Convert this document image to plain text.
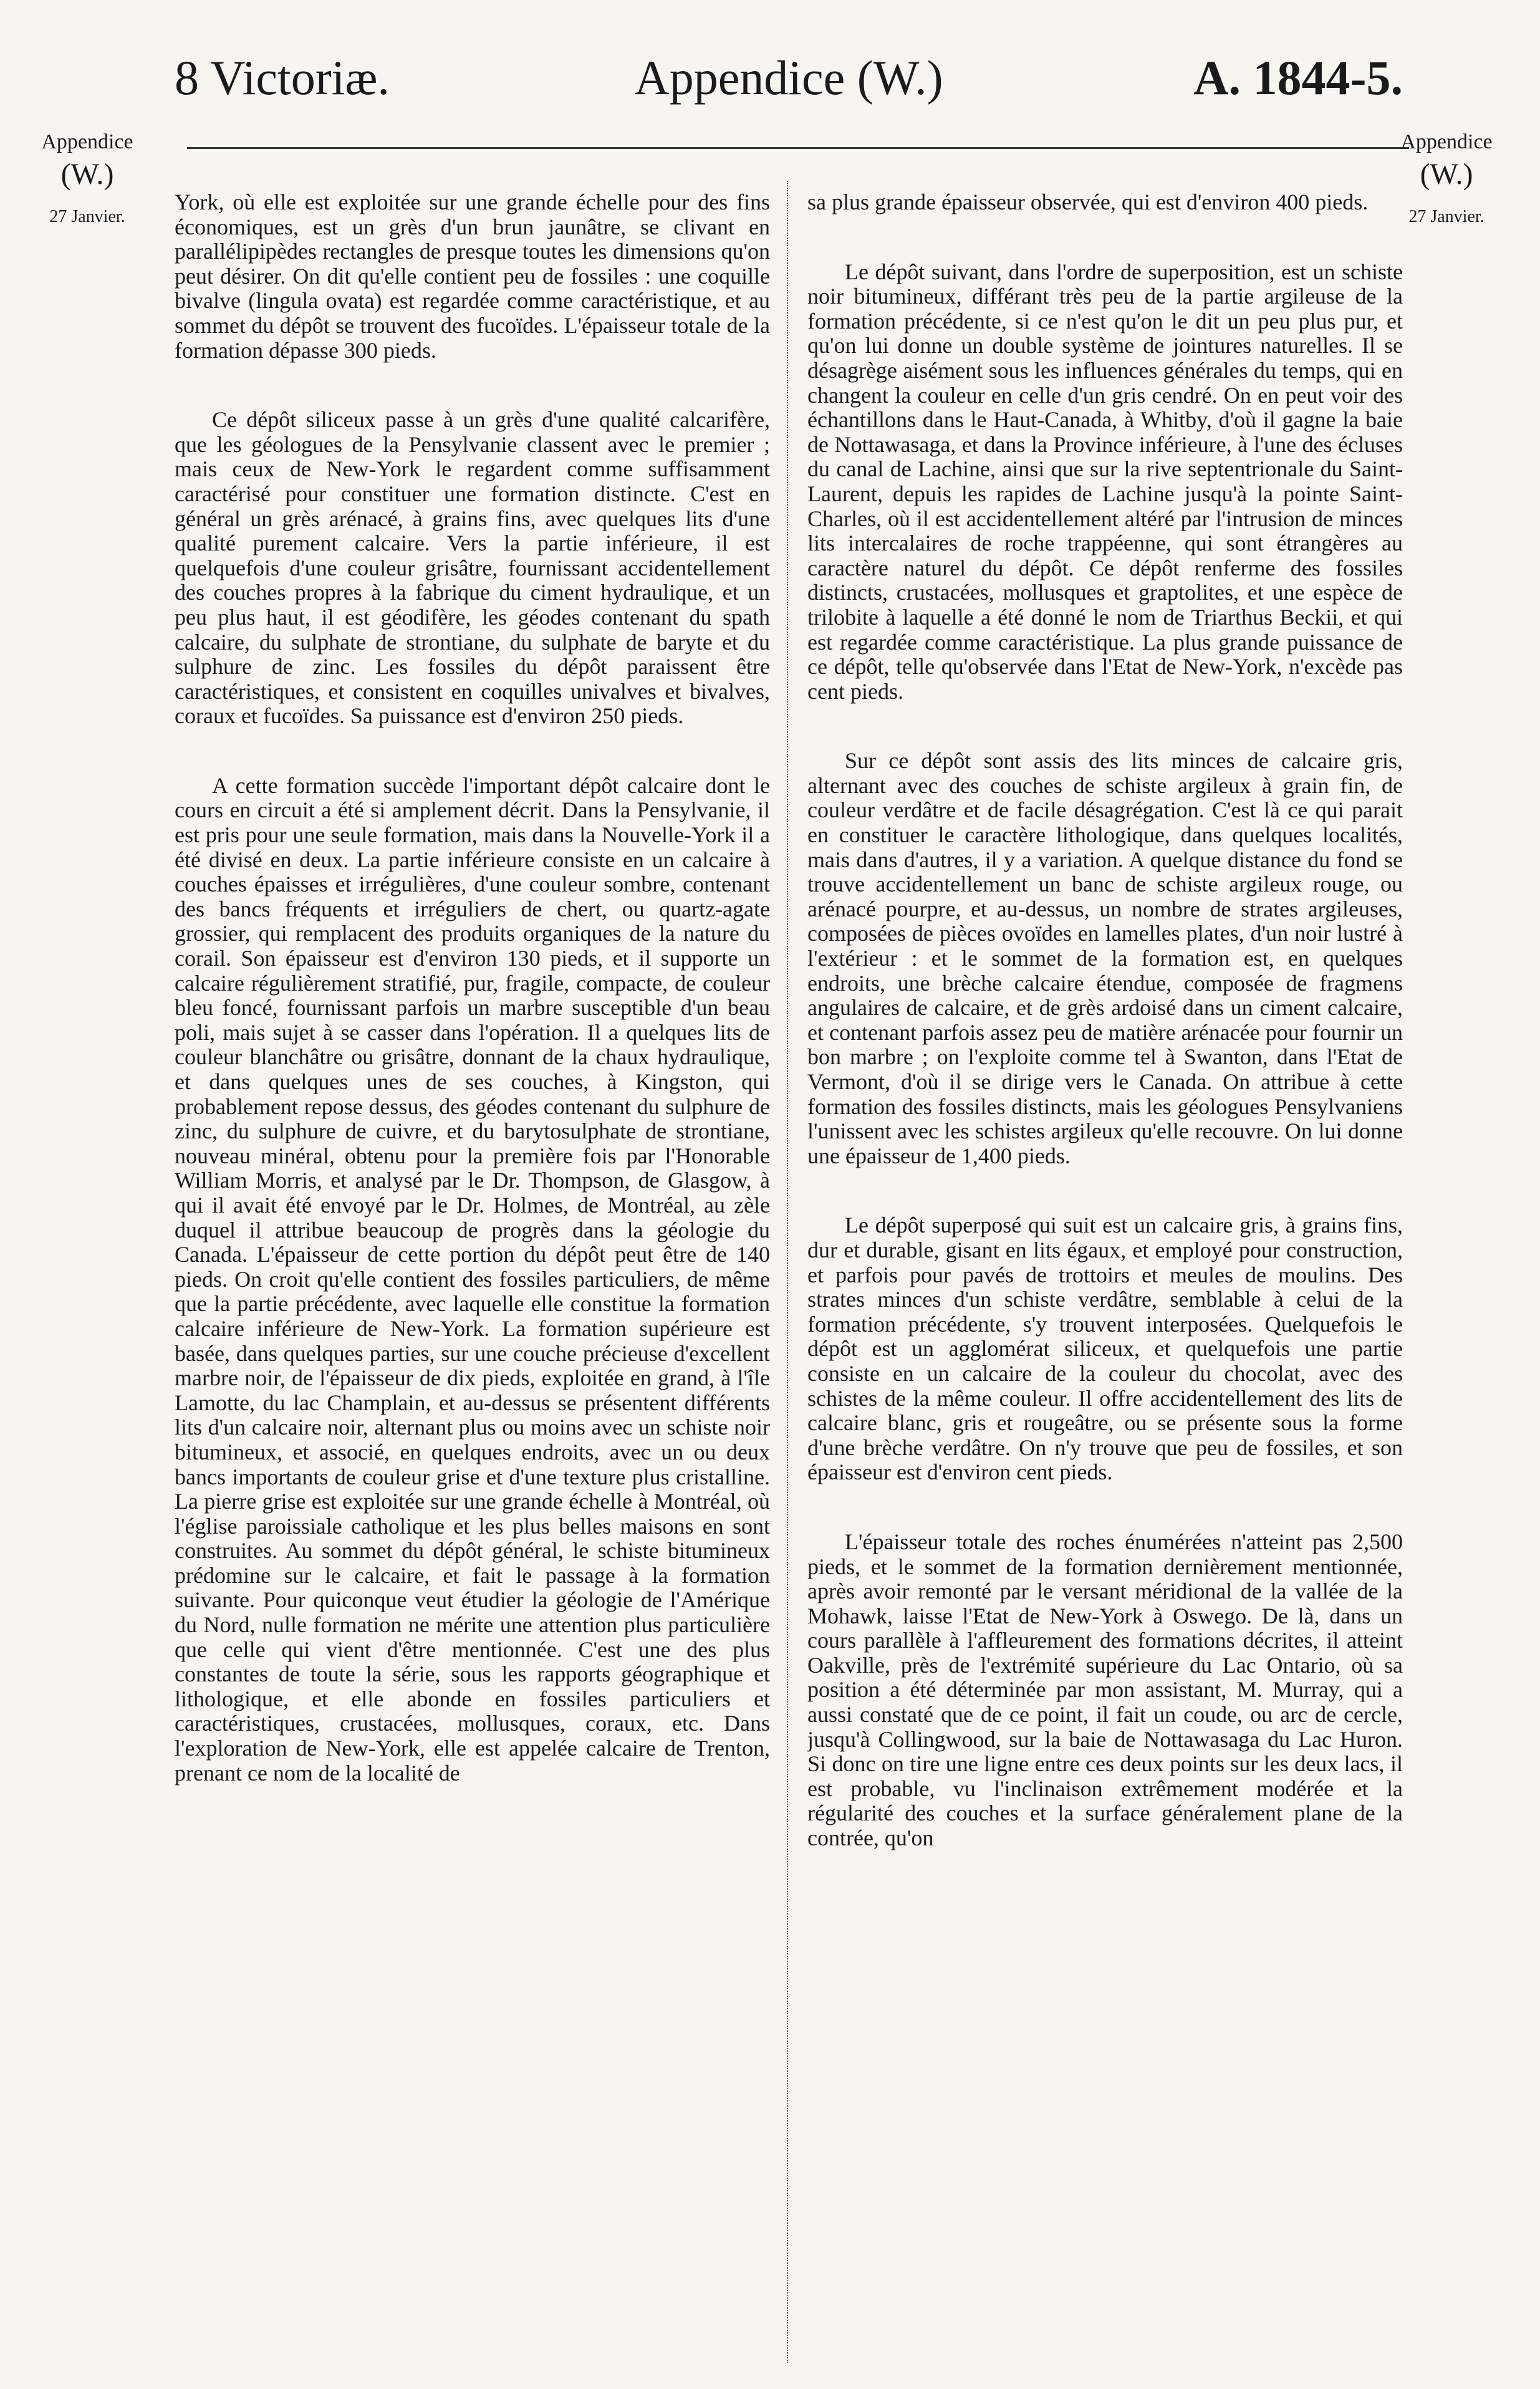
8 Victoriæ.	Appendice (W.)	A. 1844-5.
Appendice
(W.)
27 Janvier.
Appendice
(W.)
27 Janvier.

York, où elle est exploitée sur une grande échelle pour des fins économiques, est un grès d'un brun jaunâtre, se clivant en parallélipipèdes rectangles de presque toutes les dimensions qu'on peut désirer. On dit qu'elle contient peu de fossiles : une coquille bivalve (lingula ovata) est regardée comme caractéristique, et au sommet du dépôt se trouvent des fucoïdes. L'épaisseur totale de la formation dépasse 300 pieds.

Ce dépôt siliceux passe à un grès d'une qualité calcarifère, que les géologues de la Pensylvanie classent avec le premier ; mais ceux de New-York le regardent comme suffisamment caractérisé pour constituer une formation distincte. C'est en général un grès arénacé, à grains fins, avec quelques lits d'une qualité purement calcaire. Vers la partie inférieure, il est quelquefois d'une couleur grisâtre, fournissant accidentellement des couches propres à la fabrique du ciment hydraulique, et un peu plus haut, il est géodifère, les géodes contenant du spath calcaire, du sulphate de strontiane, du sulphate de baryte et du sulphure de zinc. Les fossiles du dépôt paraissent être caractéristiques, et consistent en coquilles univalves et bivalves, coraux et fucoïdes. Sa puissance est d'environ 250 pieds.

A cette formation succède l'important dépôt calcaire dont le cours en circuit a été si amplement décrit. Dans la Pensylvanie, il est pris pour une seule formation, mais dans la Nouvelle-York il a été divisé en deux. La partie inférieure consiste en un calcaire à couches épaisses et irrégulières, d'une couleur sombre, contenant des bancs fréquents et irréguliers de chert, ou quartz-agate grossier, qui remplacent des produits organiques de la nature du corail. Son épaisseur est d'environ 130 pieds, et il supporte un calcaire régulièrement stratifié, pur, fragile, compacte, de couleur bleu foncé, fournissant parfois un marbre susceptible d'un beau poli, mais sujet à se casser dans l'opération. Il a quelques lits de couleur blanchâtre ou grisâtre, donnant de la chaux hydraulique, et dans quelques unes de ses couches, à Kingston, qui probablement repose dessus, des géodes contenant du sulphure de zinc, du sulphure de cuivre, et du barytosulphate de strontiane, nouveau minéral, obtenu pour la première fois par l'Honorable William Morris, et analysé par le Dr. Thompson, de Glasgow, à qui il avait été envoyé par le Dr. Holmes, de Montréal, au zèle duquel il attribue beaucoup de progrès dans la géologie du Canada. L'épaisseur de cette portion du dépôt peut être de 140 pieds. On croit qu'elle contient des fossiles particuliers, de même que la partie précédente, avec laquelle elle constitue la formation calcaire inférieure de New-York. La formation supérieure est basée, dans quelques parties, sur une couche précieuse d'excellent marbre noir, de l'épaisseur de dix pieds, exploitée en grand, à l'île Lamotte, du lac Champlain, et au-dessus se présentent différents lits d'un calcaire noir, alternant plus ou moins avec un schiste noir bitumineux, et associé, en quelques endroits, avec un ou deux bancs importants de couleur grise et d'une texture plus cristalline. La pierre grise est exploitée sur une grande échelle à Montréal, où l'église paroissiale catholique et les plus belles maisons en sont construites. Au sommet du dépôt général, le schiste bitumineux prédomine sur le calcaire, et fait le passage à la formation suivante. Pour quiconque veut étudier la géologie de l'Amérique du Nord, nulle formation ne mérite une attention plus particulière que celle qui vient d'être mentionnée. C'est une des plus constantes de toute la série, sous les rapports géographique et lithologique, et elle abonde en fossiles particuliers et caractéristiques, crustacées, mollusques, coraux, etc. Dans l'exploration de New-York, elle est appelée calcaire de Trenton, prenant ce nom de la localité de

sa plus grande épaisseur observée, qui est d'environ 400 pieds.

Le dépôt suivant, dans l'ordre de superposition, est un schiste noir bitumineux, différant très peu de la partie argileuse de la formation précédente, si ce n'est qu'on le dit un peu plus pur, et qu'on lui donne un double système de jointures naturelles. Il se désagrège aisément sous les influences générales du temps, qui en changent la couleur en celle d'un gris cendré. On en peut voir des échantillons dans le Haut-Canada, à Whitby, d'où il gagne la baie de Nottawasaga, et dans la Province inférieure, à l'une des écluses du canal de Lachine, ainsi que sur la rive septentrionale du Saint-Laurent, depuis les rapides de Lachine jusqu'à la pointe Saint-Charles, où il est accidentellement altéré par l'intrusion de minces lits intercalaires de roche trappéenne, qui sont étrangères au caractère naturel du dépôt. Ce dépôt renferme des fossiles distincts, crustacées, mollusques et graptolites, et une espèce de trilobite à laquelle a été donné le nom de Triarthus Beckii, et qui est regardée comme caractéristique. La plus grande puissance de ce dépôt, telle qu'observée dans l'Etat de New-York, n'excède pas cent pieds.

Sur ce dépôt sont assis des lits minces de calcaire gris, alternant avec des couches de schiste argileux à grain fin, de couleur verdâtre et de facile désagrégation. C'est là ce qui parait en constituer le caractère lithologique, dans quelques localités, mais dans d'autres, il y a variation. A quelque distance du fond se trouve accidentellement un banc de schiste argileux rouge, ou arénacé pourpre, et au-dessus, un nombre de strates argileuses, composées de pièces ovoïdes en lamelles plates, d'un noir lustré à l'extérieur : et le sommet de la formation est, en quelques endroits, une brèche calcaire étendue, composée de fragmens angulaires de calcaire, et de grès ardoisé dans un ciment calcaire, et contenant parfois assez peu de matière arénacée pour fournir un bon marbre ; on l'exploite comme tel à Swanton, dans l'Etat de Vermont, d'où il se dirige vers le Canada. On attribue à cette formation des fossiles distincts, mais les géologues Pensylvaniens l'unissent avec les schistes argileux qu'elle recouvre. On lui donne une épaisseur de 1,400 pieds.

Le dépôt superposé qui suit est un calcaire gris, à grains fins, dur et durable, gisant en lits égaux, et employé pour construction, et parfois pour pavés de trottoirs et meules de moulins. Des strates minces d'un schiste verdâtre, semblable à celui de la formation précédente, s'y trouvent interposées. Quelquefois le dépôt est un agglomérat siliceux, et quelquefois une partie consiste en un calcaire de la couleur du chocolat, avec des schistes de la même couleur. Il offre accidentellement des lits de calcaire blanc, gris et rougeâtre, ou se présente sous la forme d'une brèche verdâtre. On n'y trouve que peu de fossiles, et son épaisseur est d'environ cent pieds.

L'épaisseur totale des roches énumérées n'atteint pas 2,500 pieds, et le sommet de la formation dernièrement mentionnée, après avoir remonté par le versant méridional de la vallée de la Mohawk, laisse l'Etat de New-York à Oswego. De là, dans un cours parallèle à l'affleurement des formations décrites, il atteint Oakville, près de l'extrémité supérieure du Lac Ontario, où sa position a été déterminée par mon assistant, M. Murray, qui a aussi constaté que de ce point, il fait un coude, ou arc de cercle, jusqu'à Collingwood, sur la baie de Nottawasaga du Lac Huron. Si donc on tire une ligne entre ces deux points sur les deux lacs, il est probable, vu l'inclinaison extrêmement modérée et la régularité des couches et la surface généralement plane de la contrée, qu'on
